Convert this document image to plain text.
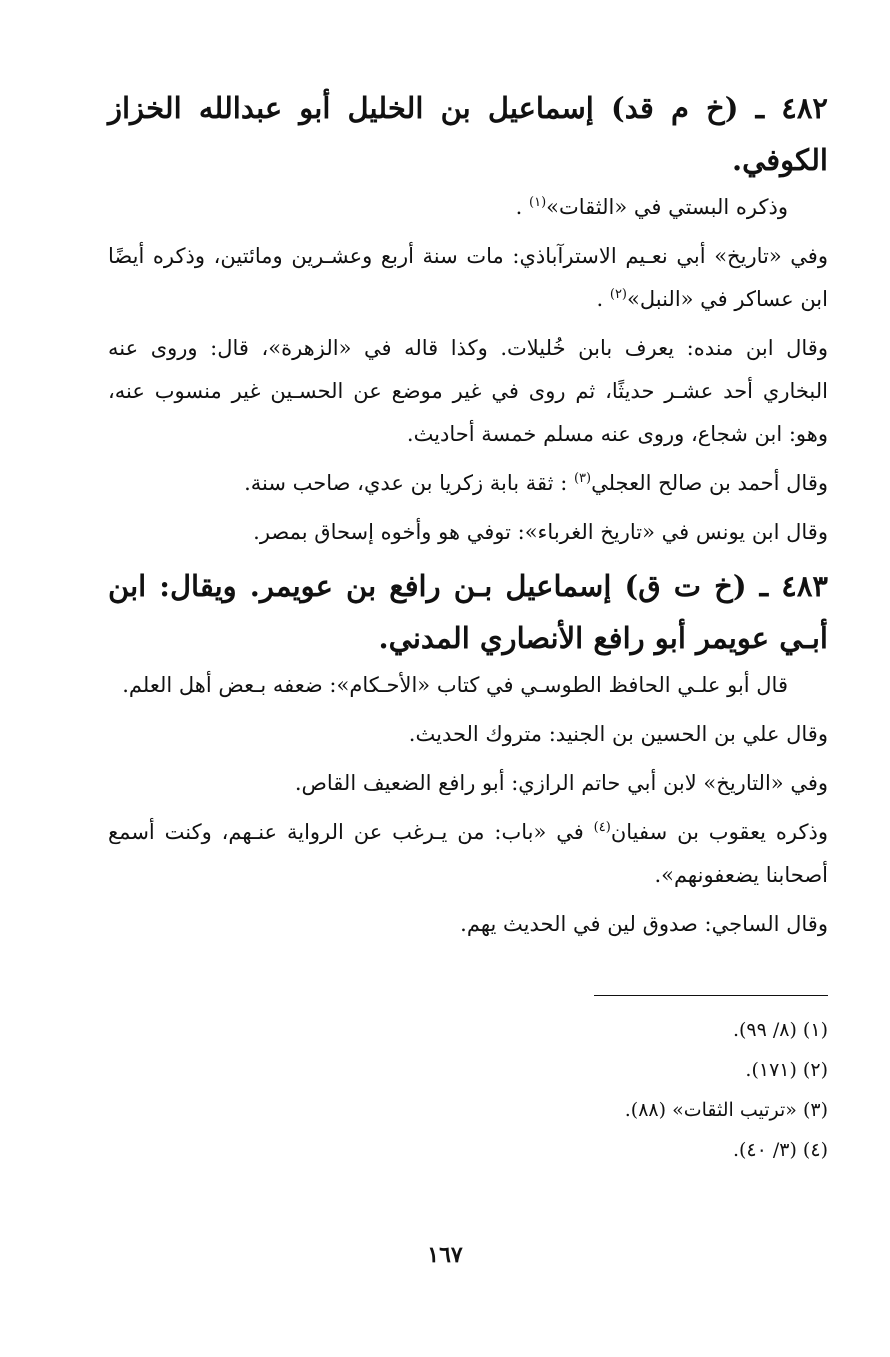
٤٨٢ ـ (خ م قد) إسماعيل بن الخليل أبو عبدالله الخزاز الكوفي.

وذكره البستي في «الثقات»$^{(١)}$ .

وفي «تاريخ» أبي نعـيم الاسترآباذي: مات سنة أربع وعشـرين ومائتين، وذكره أيضًا ابن عساكر في «النبل»$^{(٢)}$ .

وقال ابن منده: يعرف بابن خُليلات. وكذا قاله في «الزهرة»، قال: وروى عنه البخاري أحد عشـر حديثًا، ثم روى في غير موضع عن الحسـين غير منسوب عنه، وهو: ابن شجاع، وروى عنه مسلم خمسة أحاديث.

وقال أحمد بن صالح العجلي$^{(٣)}$ : ثقة بابة زكريا بن عدي، صاحب سنة.

وقال ابن يونس في «تاريخ الغرباء»: توفي هو وأخوه إسحاق بمصر.

٤٨٣ ـ (خ ت ق) إسماعيل بـن رافع بن عويمر. ويقال: ابن أبـي عويمر أبو رافع الأنصاري المدني.

قال أبو علـي الحافظ الطوسـي في كتاب «الأحـكام»: ضعفه بـعض أهل العلم.

وقال علي بن الحسين بن الجنيد: متروك الحديث.

وفي «التاريخ» لابن أبي حاتم الرازي: أبو رافع الضعيف القاص.

وذكره يعقوب بن سفيان$^{(٤)}$ في «باب: من يـرغب عن الرواية عنـهم، وكنت أسمع أصحابنا يضعفونهم».

وقال الساجي: صدوق لين في الحديث يهم.

(١) (٨/ ٩٩).
(٢) (١٧١).
(٣) «ترتيب الثقات» (٨٨).
(٤) (٣/ ٤٠).
١٦٧
